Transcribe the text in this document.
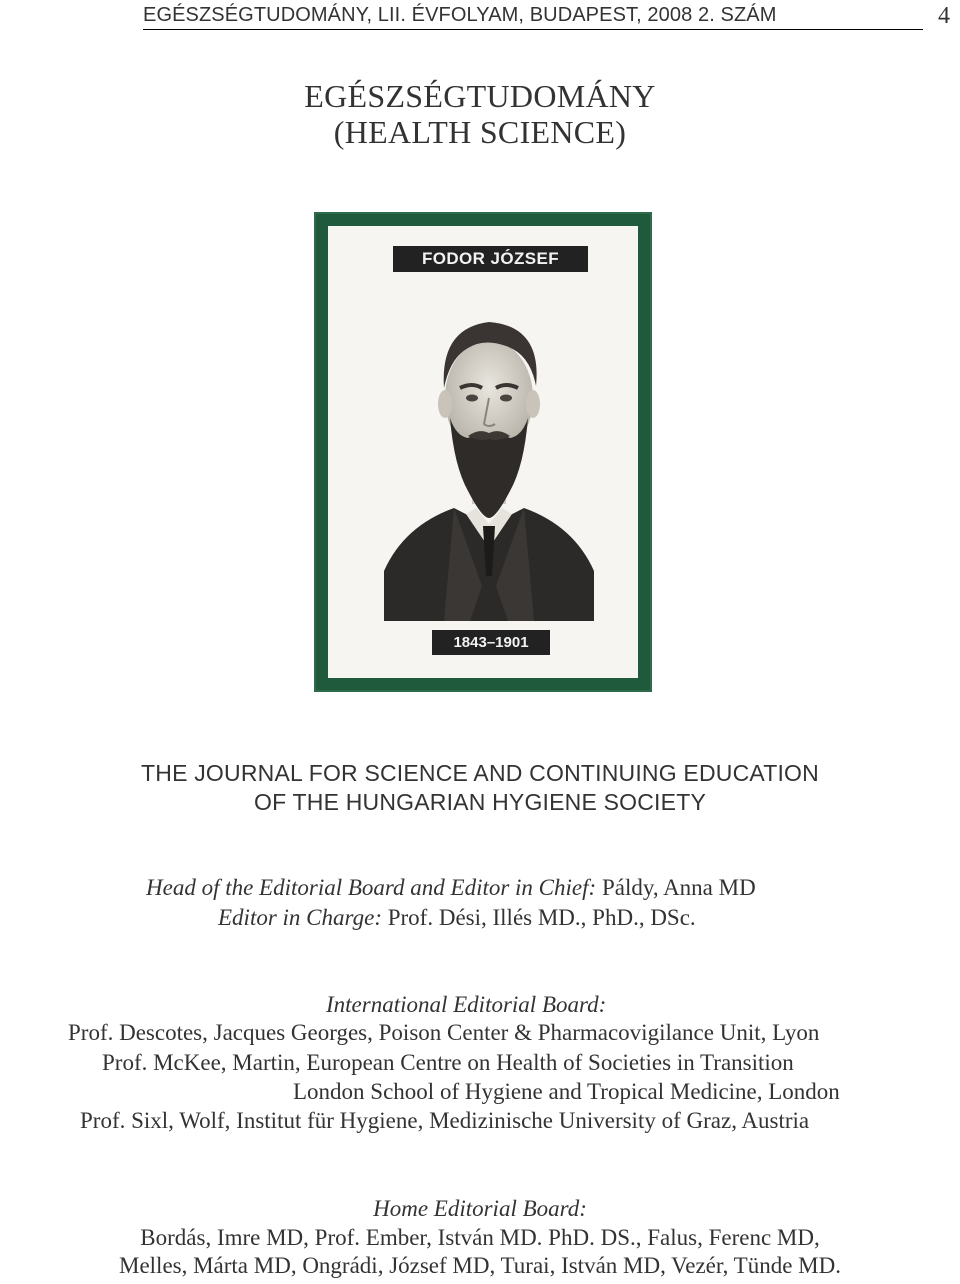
EGÉSZSÉGTUDOMÁNY, LII. ÉVFOLYAM, BUDAPEST, 2008 2. SZÁM	4
EGÉSZSÉGTUDOMÁNY
(HEALTH SCIENCE)
FODOR JÓZSEF
1843–1901
THE JOURNAL FOR SCIENCE AND CONTINUING EDUCATION
OF THE HUNGARIAN HYGIENE SOCIETY
Head of the Editorial Board and Editor in Chief: Páldy, Anna MD
Editor in Charge: Prof. Dési, Illés MD., PhD., DSc.
International Editorial Board:
Prof. Descotes, Jacques Georges, Poison Center & Pharmacovigilance Unit, Lyon
Prof. McKee, Martin, European Centre on Health of Societies in Transition
London School of Hygiene and Tropical Medicine, London
Prof. Sixl, Wolf, Institut für Hygiene, Medizinische University of Graz, Austria
Home Editorial Board:
Bordás, Imre MD, Prof. Ember, István MD. PhD. DS., Falus, Ferenc MD,
Melles, Márta MD, Ongrádi, József MD, Turai, István MD, Vezér, Tünde MD.
